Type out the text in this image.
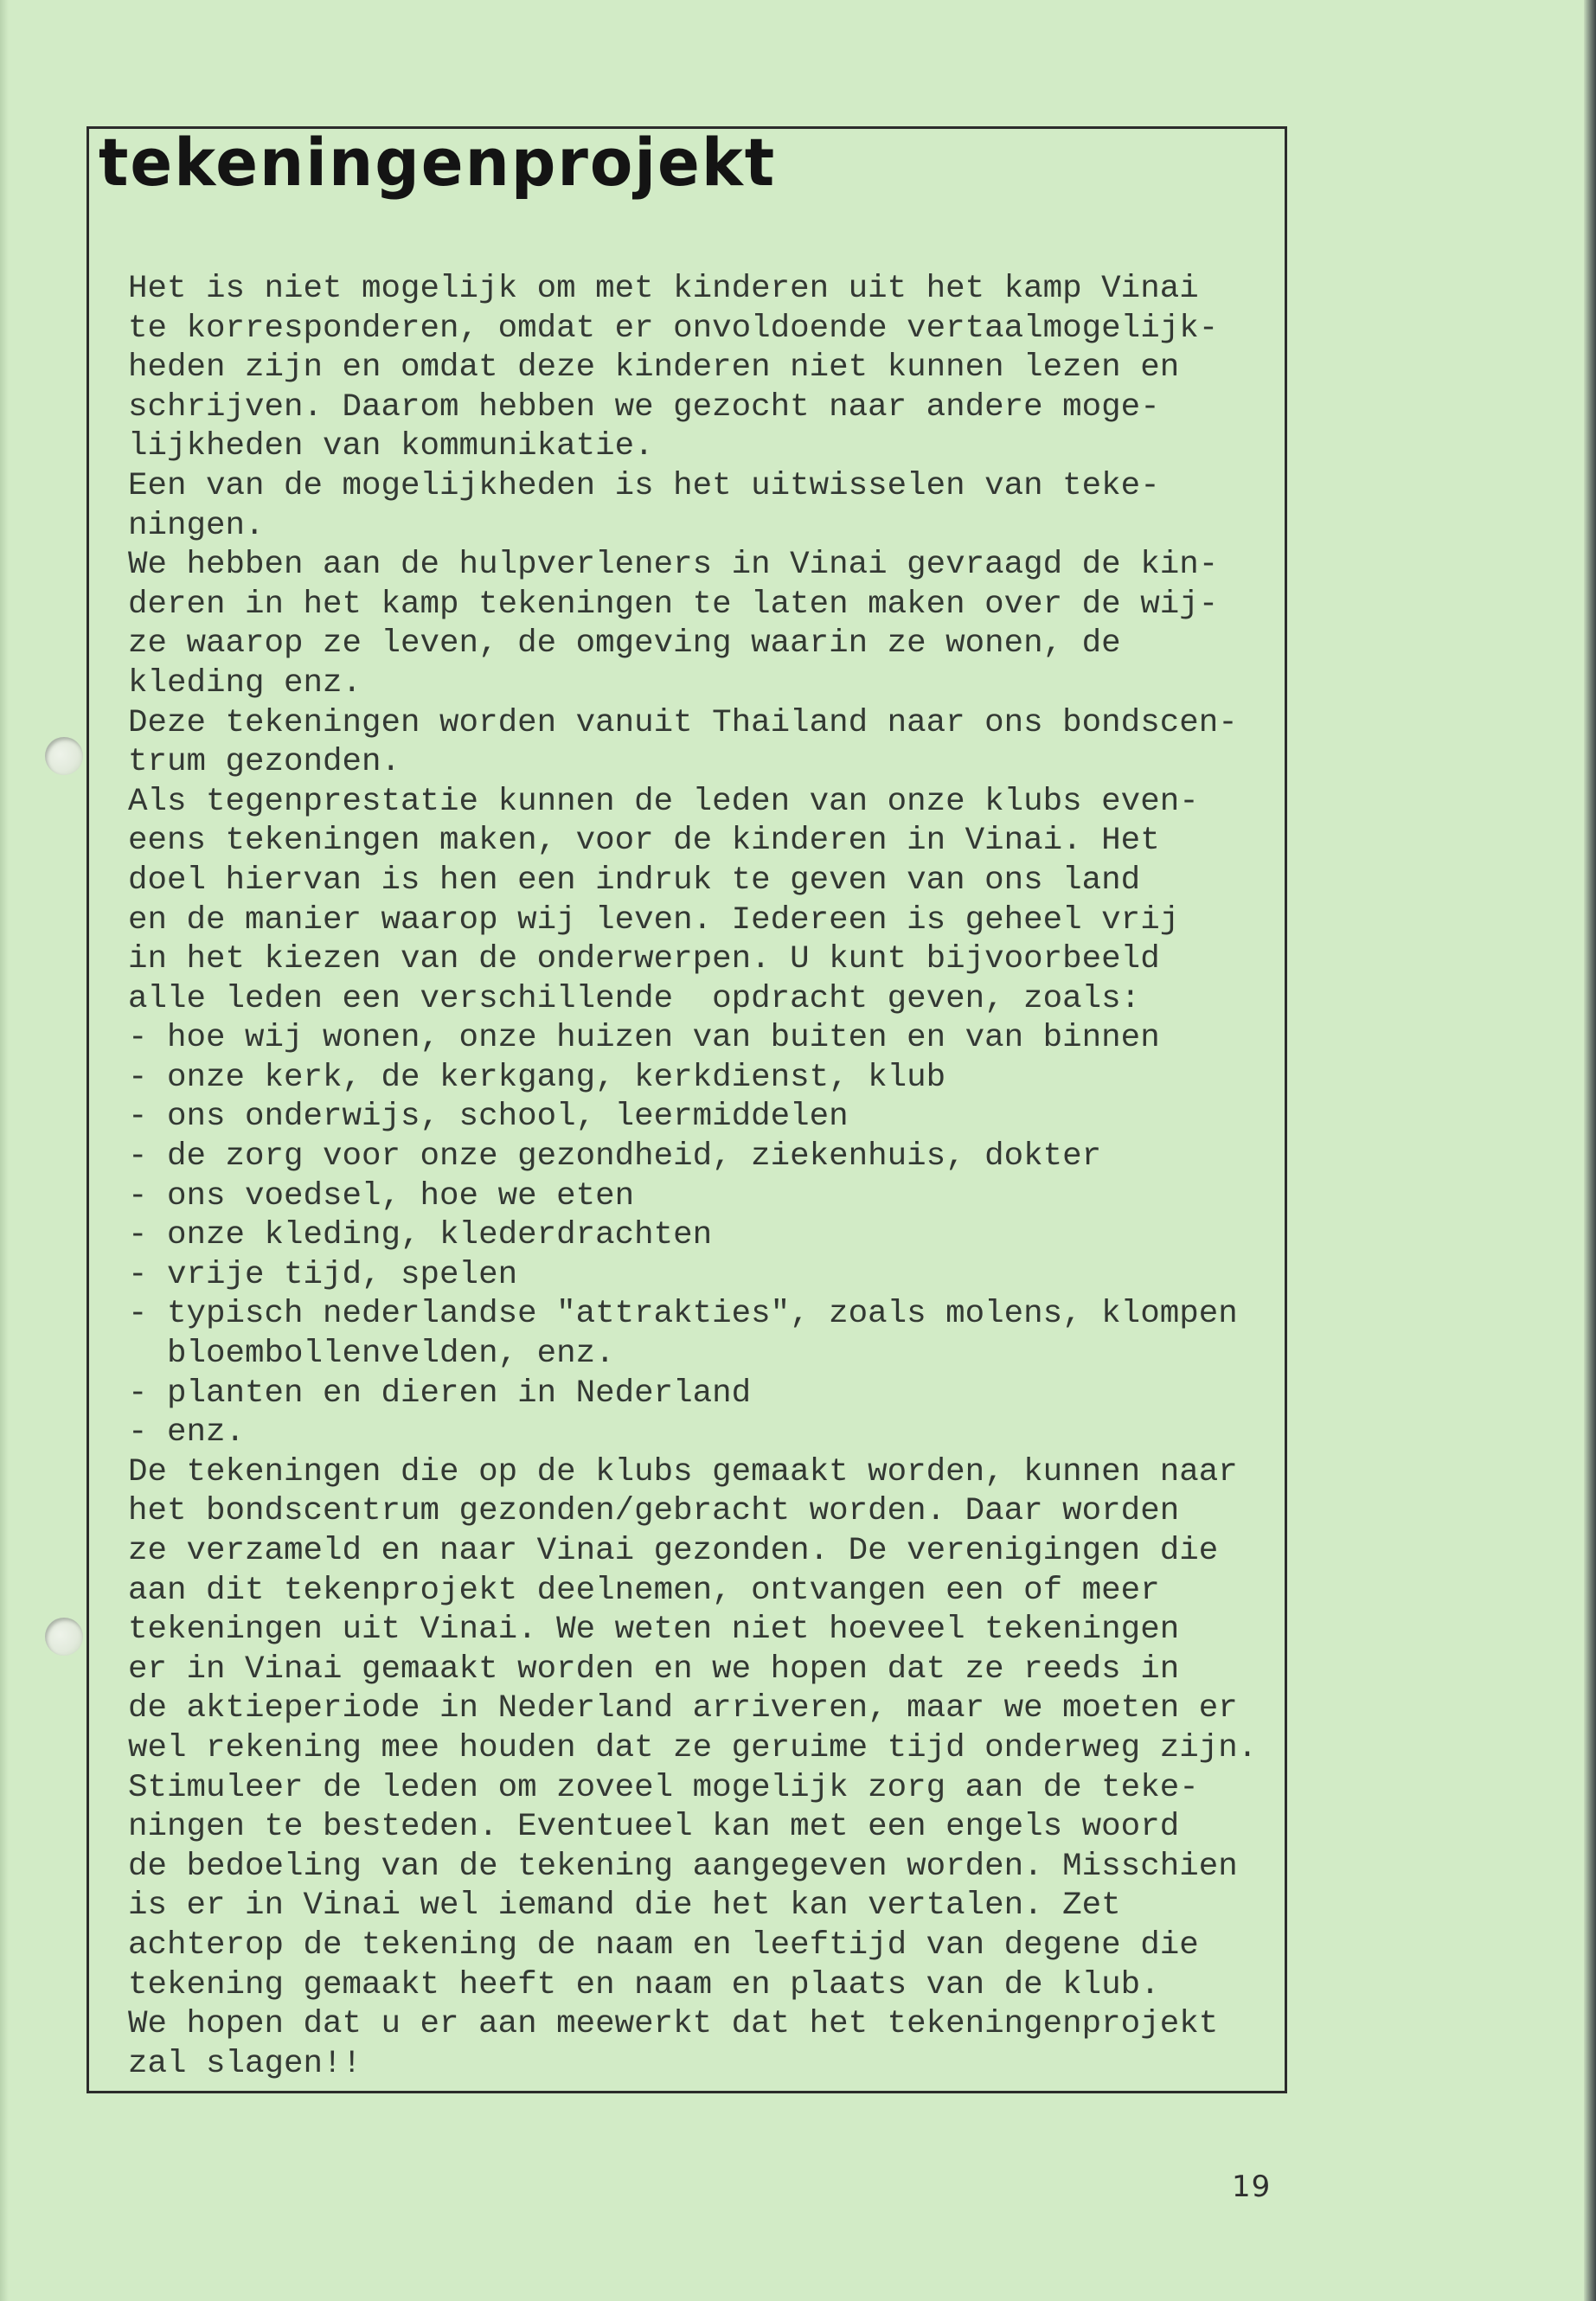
tekeningenprojekt
Het is niet mogelijk om met kinderen uit het kamp Vinai
te korresponderen, omdat er onvoldoende vertaalmogelijk-
heden zijn en omdat deze kinderen niet kunnen lezen en
schrijven. Daarom hebben we gezocht naar andere moge-
lijkheden van kommunikatie.
Een van de mogelijkheden is het uitwisselen van teke-
ningen.
We hebben aan de hulpverleners in Vinai gevraagd de kin-
deren in het kamp tekeningen te laten maken over de wij-
ze waarop ze leven, de omgeving waarin ze wonen, de
kleding enz.
Deze tekeningen worden vanuit Thailand naar ons bondscen-
trum gezonden.
Als tegenprestatie kunnen de leden van onze klubs even-
eens tekeningen maken, voor de kinderen in Vinai. Het
doel hiervan is hen een indruk te geven van ons land
en de manier waarop wij leven. Iedereen is geheel vrij
in het kiezen van de onderwerpen. U kunt bijvoorbeeld
alle leden een verschillende  opdracht geven, zoals:
- hoe wij wonen, onze huizen van buiten en van binnen
- onze kerk, de kerkgang, kerkdienst, klub
- ons onderwijs, school, leermiddelen
- de zorg voor onze gezondheid, ziekenhuis, dokter
- ons voedsel, hoe we eten
- onze kleding, klederdrachten
- vrije tijd, spelen
- typisch nederlandse "attrakties", zoals molens, klompen
bloembollenvelden, enz.
- planten en dieren in Nederland
- enz.
De tekeningen die op de klubs gemaakt worden, kunnen naar
het bondscentrum gezonden/gebracht worden. Daar worden
ze verzameld en naar Vinai gezonden. De verenigingen die
aan dit tekenprojekt deelnemen, ontvangen een of meer
tekeningen uit Vinai. We weten niet hoeveel tekeningen
er in Vinai gemaakt worden en we hopen dat ze reeds in
de aktieperiode in Nederland arriveren, maar we moeten er
wel rekening mee houden dat ze geruime tijd onderweg zijn.
Stimuleer de leden om zoveel mogelijk zorg aan de teke-
ningen te besteden. Eventueel kan met een engels woord
de bedoeling van de tekening aangegeven worden. Misschien
is er in Vinai wel iemand die het kan vertalen. Zet
achterop de tekening de naam en leeftijd van degene die
tekening gemaakt heeft en naam en plaats van de klub.
We hopen dat u er aan meewerkt dat het tekeningenprojekt
zal slagen!!
19
